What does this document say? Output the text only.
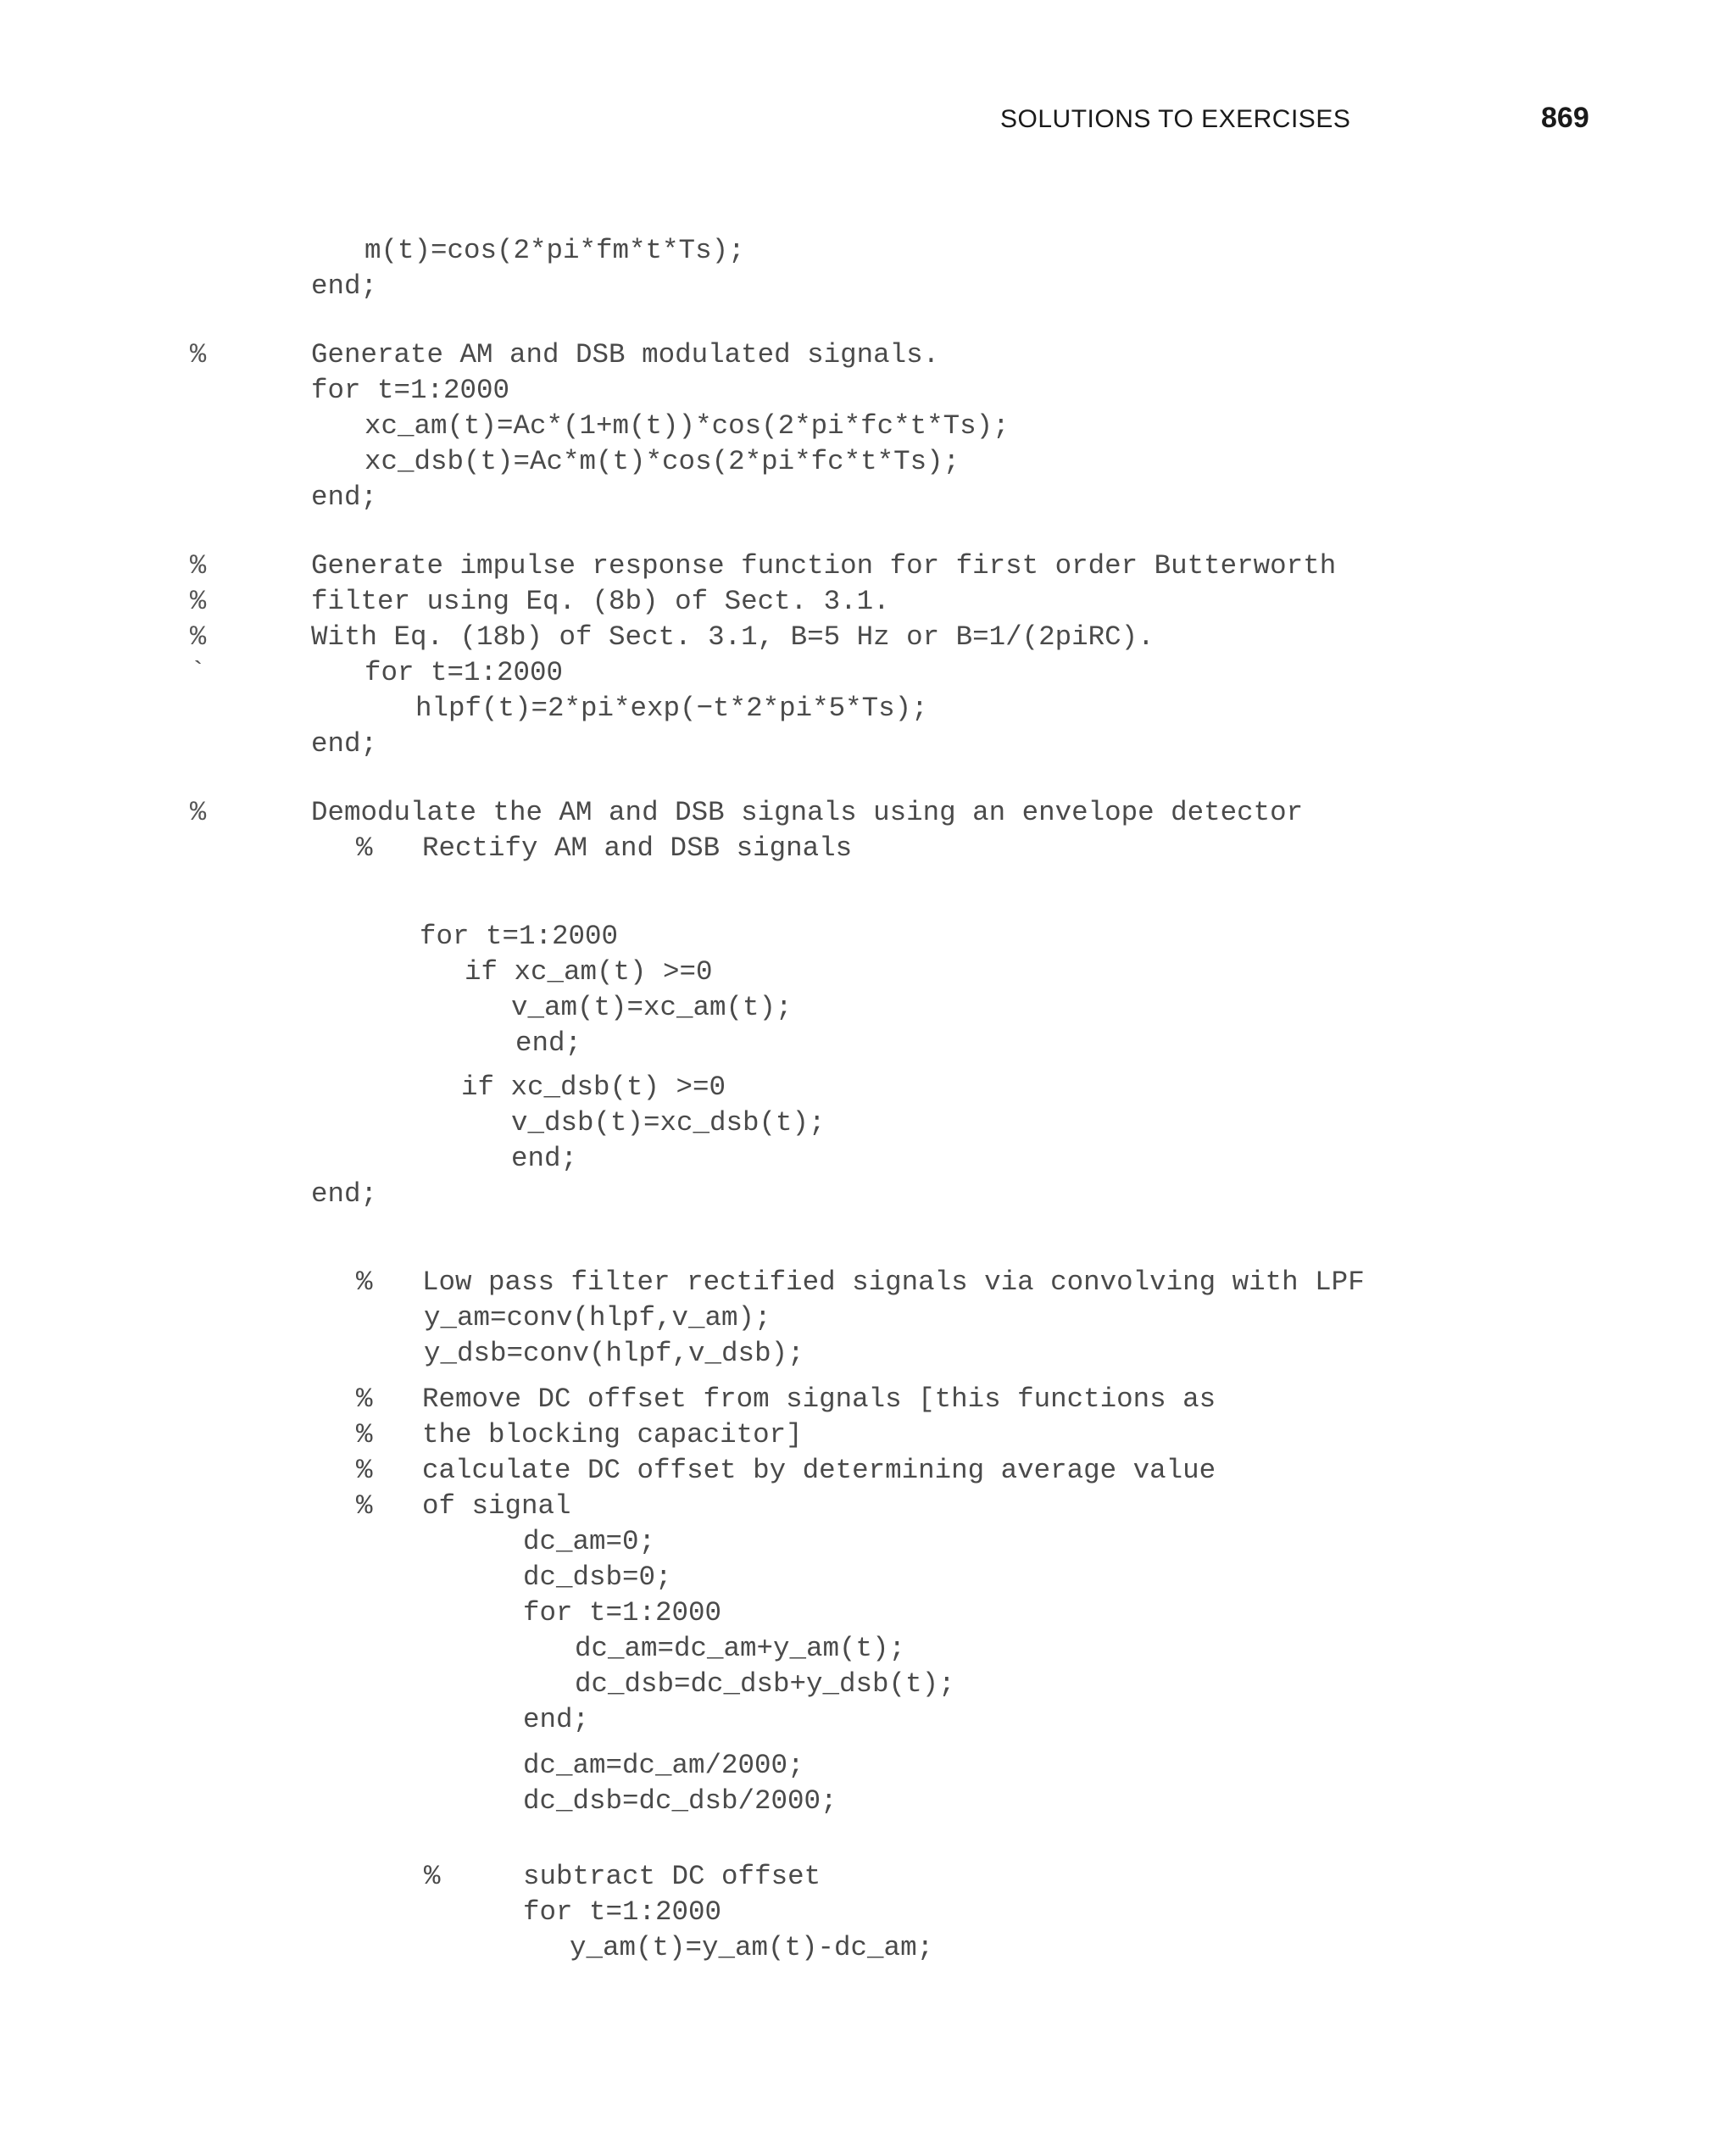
SOLUTIONS TO EXERCISES	869
m(t)=cos(2*pi*fm*t*Ts);
end;
%	Generate AM and DSB modulated signals.
for t=1:2000
xc_am(t)=Ac*(1+m(t))*cos(2*pi*fc*t*Ts);
xc_dsb(t)=Ac*m(t)*cos(2*pi*fc*t*Ts);
end;
%	Generate impulse response function for first order Butterworth
%	filter using Eq. (8b) of Sect. 3.1.
%	With Eq. (18b) of Sect. 3.1, B=5 Hz or B=1/(2piRC).
`	for t=1:2000
hlpf(t)=2*pi*exp(−t*2*pi*5*Ts);
end;
%	Demodulate the AM and DSB signals using an envelope detector
%   Rectify AM and DSB signals
for t=1:2000
if xc_am(t) >=0
v_am(t)=xc_am(t);
end;
if xc_dsb(t) >=0
v_dsb(t)=xc_dsb(t);
end;
end;
%   Low pass filter rectified signals via convolving with LPF
y_am=conv(hlpf,v_am);
y_dsb=conv(hlpf,v_dsb);
%   Remove DC offset from signals [this functions as
%   the blocking capacitor]
%   calculate DC offset by determining average value
%   of signal
dc_am=0;
dc_dsb=0;
for t=1:2000
dc_am=dc_am+y_am(t);
dc_dsb=dc_dsb+y_dsb(t);
end;
dc_am=dc_am/2000;
dc_dsb=dc_dsb/2000;
%     subtract DC offset
for t=1:2000
y_am(t)=y_am(t)-dc_am;
